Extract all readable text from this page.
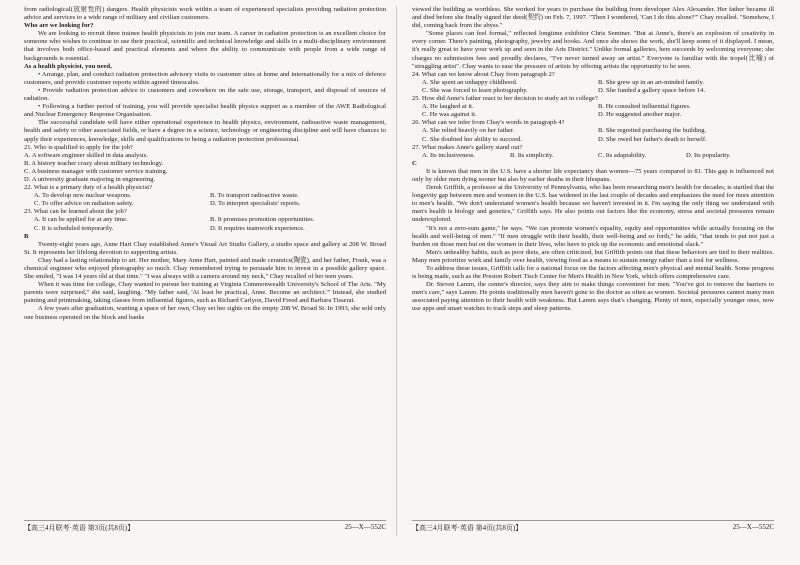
from radiological(放射性的) dangers. Health physicists work within a team of experienced specialists providing radiation protection advice and services to a wide range of military and civilian customers.

Who are we looking for?

We are looking to recruit three trainee health physicists to join our team. A career in radiation protection is an excellent choice for someone who wishes to continue to use their practical, scientific and technical knowledge and skills in a multi-disciplinary environment that involves both office-based and practical elements and where the ability to communicate with people from a wide range of backgrounds is essential.

As a health physicist, you need,

• Arrange, plan, and conduct radiation protection advisory visits to customer sites at home and internationally for a mix of defence customers, and provide customer reports within agreed timescales.

• Provide radiation protection advice to customers and coworkers on the safe use, storage, transport, and disposal of sources of radiation.

• Following a further period of training, you will provide specialist health physics support as a member of the AWE Radiological and Nuclear Emergency Response Organisation.

The successful candidate will have either operational experience in health physics, environment, radioactive waste management, health and safety or other associated fields, or have a degree in a science, technology or engineering discipline and will have chances to apply their experiences, knowledge, skills and qualifications to being a radiation protection professional.

21. Who is qualified to apply for the job?

A. A software engineer skilled in data analysis.

B. A history teacher crazy about military technology.

C. A business manager with customer service training.

D. A university graduate majoring in engineering.

22. What is a primary duty of a health physicist?

A. To develop new nuclear weapons.	B. To transport radioactive waste.
C. To offer advice on radiation safety.	D. To interpret specialists' reports.

23. What can be learned about the job?

A. It can be applied for at any time.	B. It promises promotion opportunities.
C. It is scheduled temporarily.	D. It requires teamwork experience.

B

Twenty-eight years ago, Anne Hart Chay established Anne's Visual Art Studio Gallery, a studio space and gallery at 208 W. Broad St. It represents her lifelong devotion to supporting artists.

Chay had a lasting relationship to art. Her mother, Mary Anne Hart, painted and made ceramics(陶瓷), and her father, Frank, was a chemical engineer who enjoyed photography so much. Chay remembered trying to persuade him to invest in a possible gallery space. She smiled, "I was 14 years old at that time." "I was always with a camera around my neck," Chay recalled of her teen years.

When it was time for college, Chay wanted to pursue her training at Virginia Commonwealth University's School of The Arts. "My parents were surprised," she said, laughing. "My father said, 'At least be practical, Anne. Become an architect.'" Instead, she studied painting and printmaking, taking classes from influential figures, such as Richard Carlyon, David Freed and Barbara Tisserat.

A few years after graduation, wanting a space of her own, Chay set her sights on the empty 208 W. Broad St. In 1993, she sold only one business operated on the block and banks

viewed the building as worthless. She worked for years to purchase the building from developer Alex Alexander. Her father became ill and died before she finally signed the deed(契约) on Feb. 7, 1997. "Then I wondered, 'Can I do this alone?'" Chay recalled. "Somehow, I did, coming back from the abyss."

"Some places can feel formal," reflected longtime exhibitor Chris Semtner. "But at Anne's, there's an explosion of creativity in every corner. There's painting, photography, jewelry and books. And once she shows the work, she'll keep some of it displayed. I mean, it's really great to have your work up and seen in the Arts District." Unlike formal galleries, hers succeeds by welcoming everyone; she charges no submission fees and proudly declares, "I've never turned away an artist." Everyone is familiar with the tropel(比喻) of "struggling artist". Chay wants to ease the pressure of artists by offering artists the opportunity to be seen.

24. What can we know about Chay from paragraph 2?

A. She spent an unhappy childhood.	B. She grew up in an art-minded family.
C. She was forced to learn photography.	D. She funded a gallery space before 14.

25. How did Anne's father react to her decision to study art in college?

A. He laughed at it.	B. He consulted influential figures.
C. He was against it.	D. He suggested another major.

26. What can we infer from Chay's words in paragraph 4?

A. She relied heavily on her father.	B. She regretted purchasing the building.
C. She doubted her ability to succeed.	D. She owed her father's death to herself.

27. What makes Anne's gallery stand out?

A. Its inclusiveness.	B. Its simplicity.	C. Its adaptability.	D. Its popularity.

C

It is known that men in the U.S. have a shorter life expectancy than women—75 years compared to 81. This gap is influenced not only by older men dying sooner but also by earlier deaths in their lifespans.

Derek Griffith, a professor at the University of Pennsylvania, who has been researching men's health for decades, is startled that the longevity gap between men and women in the U.S. has widened in the last couple of decades and emphasizes the need for more attention to men's health. "We don't understand women's health because we haven't invested in it. I'm saying the only thing we understand with men's health is biology and genetics," Griffith says. He also points out factors like the economy, stress and societal pressures remain underexplored.

"It's not a zero-sum game," he says. "We can promote women's equality, equity and opportunities while actually focusing on the health and well-being of men." "If men struggle with their health, their well-being and so forth," he adds, "that tends to put not just a burden on those men but on the women in their lives, who have to pick up the economic and emotional slack."

Men's unhealthy habits, such as poor diets, are often criticized, but Griffith points out that these behaviors are tied to their realities. Many men prioritize work and family over health, viewing food as a means to sustain energy rather than a tool for wellness.

To address these issues, Griffith calls for a national focus on the factors affecting men's physical and mental health. Some progress is being made, such as the Preston Robert Tisch Center for Men's Health in New York, which offers comprehensive care.

Dr. Steven Lamm, the center's director, says they aim to make things convenient for men. "You've got to remove the barriers to men's care," says Lamm. He points traditionally men haven't gone to the doctor as often as women. Societal pressures cannot many men associated paying attention to their health with weakness. But Lamm says that's changing. Plenty of men, especially younger ones, now use apps and smart watches to track steps and sleep patterns.

【高三4月联考·英语 第3页(共8页)】	25—X—552C	【高三4月联考·英语 第4页(共8页)】	25—X—552C
